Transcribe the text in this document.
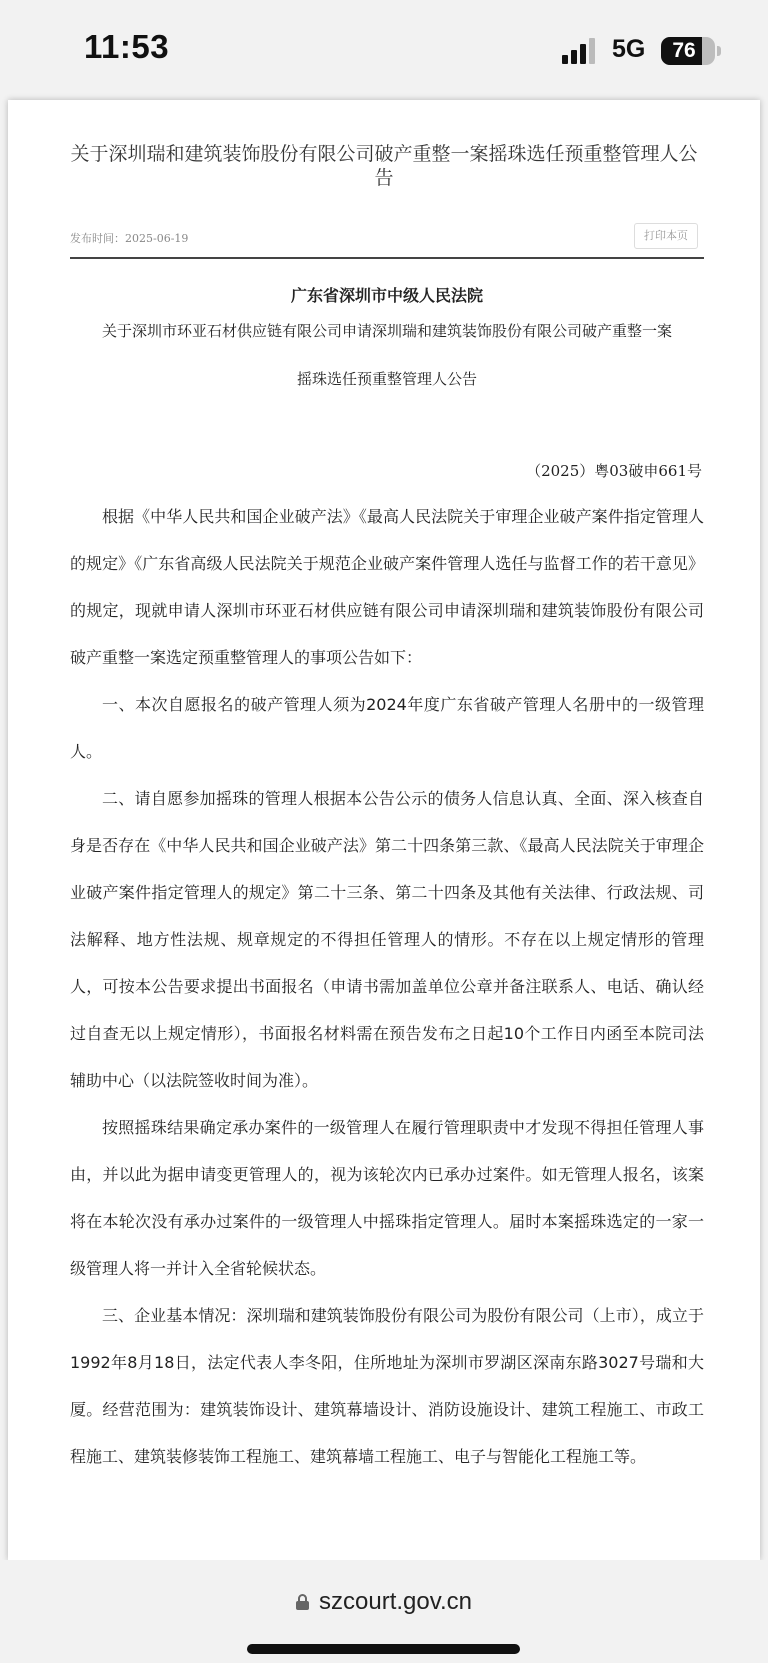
11:53	5G	76
关于深圳瑞和建筑装饰股份有限公司破产重整一案摇珠选任预重整管理人公告
发布时间：2025-06-19	打印本页
广东省深圳市中级人民法院
关于深圳市环亚石材供应链有限公司申请深圳瑞和建筑装饰股份有限公司破产重整一案
摇珠选任预重整管理人公告
（2025）粤03破申661号

根据《中华人民共和国企业破产法》《最高人民法院关于审理企业破产案件指定管理人的规定》《广东省高级人民法院关于规范企业破产案件管理人选任与监督工作的若干意见》的规定，现就申请人深圳市环亚石材供应链有限公司申请深圳瑞和建筑装饰股份有限公司破产重整一案选定预重整管理人的事项公告如下：

一、本次自愿报名的破产管理人须为2024年度广东省破产管理人名册中的一级管理人。

二、请自愿参加摇珠的管理人根据本公告公示的债务人信息认真、全面、深入核查自身是否存在《中华人民共和国企业破产法》第二十四条第三款、《最高人民法院关于审理企业破产案件指定管理人的规定》第二十三条、第二十四条及其他有关法律、行政法规、司法解释、地方性法规、规章规定的不得担任管理人的情形。不存在以上规定情形的管理人，可按本公告要求提出书面报名（申请书需加盖单位公章并备注联系人、电话、确认经过自查无以上规定情形），书面报名材料需在预告发布之日起10个工作日内函至本院司法辅助中心（以法院签收时间为准）。

按照摇珠结果确定承办案件的一级管理人在履行管理职责中才发现不得担任管理人事由，并以此为据申请变更管理人的，视为该轮次内已承办过案件。如无管理人报名，该案将在本轮次没有承办过案件的一级管理人中摇珠指定管理人。届时本案摇珠选定的一家一级管理人将一并计入全省轮候状态。

三、企业基本情况：深圳瑞和建筑装饰股份有限公司为股份有限公司（上市），成立于1992年8月18日，法定代表人李冬阳，住所地址为深圳市罗湖区深南东路3027号瑞和大厦。经营范围为：建筑装饰设计、建筑幕墙设计、消防设施设计、建筑工程施工、市政工程施工、建筑装修装饰工程施工、建筑幕墙工程施工、电子与智能化工程施工等。

szcourt.gov.cn
